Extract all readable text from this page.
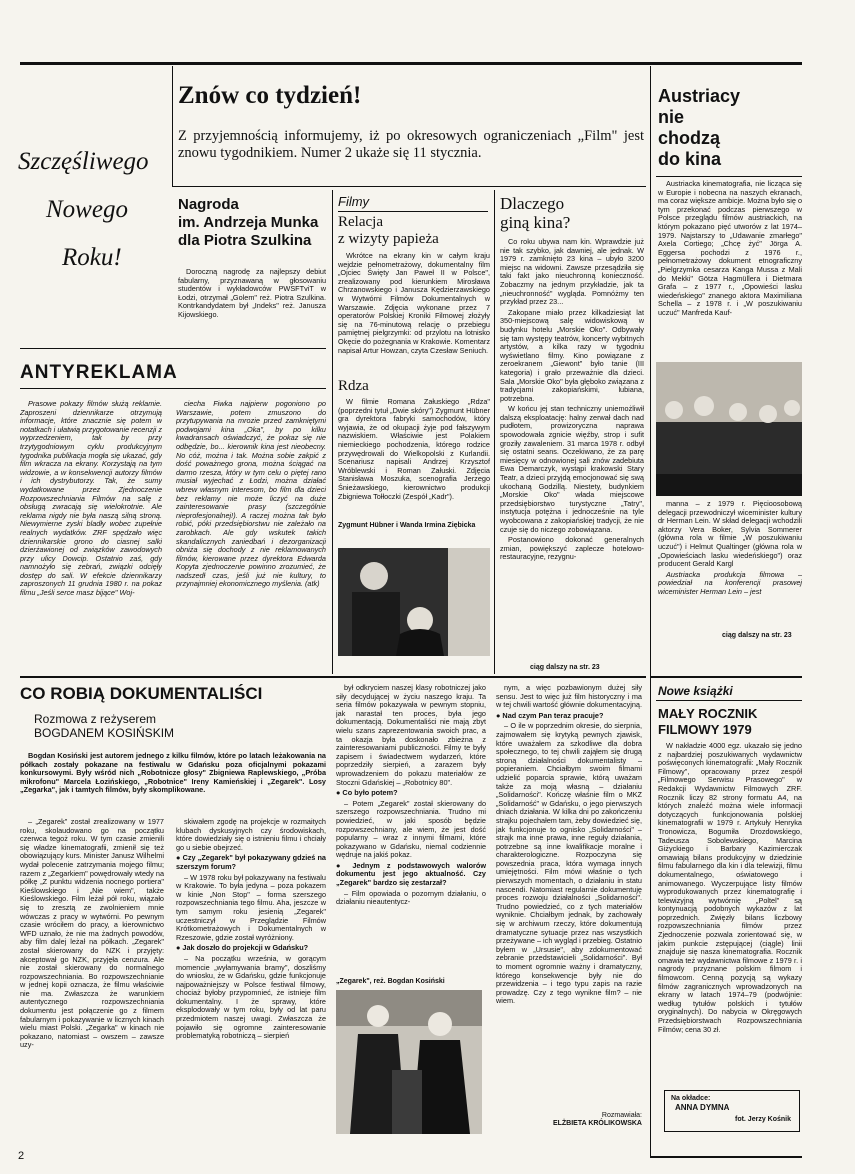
Znów co tydzień!
Z przyjemnością informujemy, iż po okresowych ograniczeniach „Film" jest znowu tygodnikiem. Numer 2 ukaże się 11 stycznia.
Szczęśliwego
Nowego
Roku!
Nagroda
im. Andrzeja Munka
dla Piotra Szulkina

Doroczną nagrodę za najlepszy debiut fabularny, przyznawaną w głosowaniu studentów i wykładowców PWSFTviT w Łodzi, otrzymał „Golem" reż. Piotra Szulkina. Kontrkandydatem był „Indeks" reż. Janusza Kijowskiego.

Filmy
Relacja
z wizyty papieża

Wkrótce na ekrany kin w całym kraju wejdzie pełnometrażowy, dokumentalny film „Ojciec Święty Jan Paweł II w Polsce", zrealizowany pod kierunkiem Mirosława Chrzanowskiego i Janusza Kędzierzawskiego w Wytwórni Filmów Dokumentalnych w Warszawie. Zdjęcia wykonane przez 7 operatorów Polskiej Kroniki Filmowej złożyły się na 76-minutową relację o przebiegu pamiętnej pielgrzymki: od przylotu na lotnisko Okęcie do pożegnania w Krakowie. Komentarz napisał Artur Howzan, czyta Czesław Seniuch.

Rdza

W filmie Romana Załuskiego „Rdza" (poprzedni tytuł „Dwie skóry") Zygmunt Hübner gra dyrektora fabryki samochodów, który wyjawia, że od okupacji żyje pod fałszywym nazwiskiem. Właściwie jest Polakiem niemieckiego pochodzenia, którego rodzice przywędrowali do Wielkopolski z Kurlandii. Scenariusz napisali Andrzej Krzysztof Wróblewski i Roman Załuski. Zdjęcia Stanisława Moszuka, scenografia Jerzego Śnieżawskiego, kierownictwo produkcji Zbigniewa Tołłoczki (Zespół „Kadr").

Zygmunt Hübner i Wanda Irmina Ziębicka
Dlaczego
giną kina?

Co roku ubywa nam kin. Wprawdzie już nie tak szybko, jak dawniej, ale jednak. W 1979 r. zamknięto 23 kina – ubyło 3200 miejsc na widowni. Zawsze przesądziła się taki fakt jako nieuchronną konieczność. Zobaczmy na jednym przykładzie, jak ta „nieuchronność" wygląda. Pomnóżmy ten przykład przez 23...

Zakopane miało przez kilkadziesiąt lat 350-miejscową salę widowiskową w budynku hotelu „Morskie Oko". Odbywały się tam występy teatrów, koncerty wybitnych artystów, a kilka razy w tygodniu wyświetlano filmy. Kino powiązane z zeroekranem „Giewont" było tanie (III kategoria) i grało przeważnie dla dzieci. Sala „Morskie Oko" była głęboko związana z tradycjami zakopiańskimi, lubiana, potrzebna.

W końcu jej stan techniczny uniemożliwił dalszą eksploatację: halny zerwał dach nad pudłotem, prowizoryczna naprawa spowodowała zgnicie więźby, strop i sufit groziły zawaleniem. 31 marca 1978 r. odbył się ostatni seans. Oczekiwano, że za parę miesięcy w odnowionej sali znów zadebiuta Ewa Demarczyk, wystąpi krakowski Stary Teatr, a dzieci przyjdą emocjonować się swą ukochaną Godzillą. Niestety, budynkiem „Morskie Oko" włada miejscowe przedsiębiorstwo turystyczne „Tatry", instytucja potężna i jednocześnie na tyle wyobcowana z zakopiańskiej tradycji, że nie czuje się do niczego zobowiązana.

Postanowiono dokonać generalnych zmian, powiększyć zaplecze hotelowo-restauracyjne, rezygnu-

ciąg dalszy na str. 23
Austriacy
nie
chodzą
do kina

Austriacka kinematografia, nie licząca się w Europie i nobecna na naszych ekranach, ma coraz większe ambicje. Można było się o tym przekonać podczas pierwszego w Polsce przeglądu filmów austriackich, na którym pokazano pięć utworów z lat 1974–1979. Najstarszy to „Udawanie zmarłego" Axela Cortiego; „Chcę żyć" Jörga A. Eggersa pochodzi z 1976 r., pełnometrażowy dokument etnograficzny „Pielgrzymka cesarza Kanga Mussa z Mali do Mekki" Götza Hagmüllera i Dietmara Grafa – z 1977 r., „Opowieści lasku wiedeńskiego" znanego aktora Maximiliana Schella – z 1978 r. i „W poszukiwaniu uczuć" Manfreda Kauf-

manna – z 1979 r. Pięcioosobową delegacji przewodniczył wiceminister kultury dr Herman Lein. W skład delegacji wchodzili aktorzy Vera Boker, Sylvia Sommerer (główna rola w filmie „W poszukiwaniu uczuć") i Helmut Qualtinger (główna rola w „Opowieściach lasku wiedeńskiego") oraz producent Gerald Kargl

Austriacka produkcja filmowa – powiedział na konferencji prasowej wiceminister Herman Lein – jest

ciąg dalszy na str. 23
ANTYREKLAMA

Prasowe pokazy filmów służą reklamie. Zaproszeni dziennikarze otrzymują informacje, które znacznie się potem w notatkach i ułatwią przygotowanie recenzji z wyprzedzeniem, tak by przy trzytygodniowym cyklu produkcyjnym tygodnika publikacja mogła się ukazać, gdy film wkracza na ekrany. Korzystają na tym widzowie, a w konsekwencji autorzy filmów i ich dystrybutorzy. Tak, że sumy wydatkowane przez Zjednoczenie Rozpowszechniania Filmów na salę z obsługą zwracają się wielokrotnie. Ale reklama nigdy nie była naszą silną stroną. Niewymierne zyski bladły wobec zupełnie realnych wydatków. ZRF spędzało więc dziennikarskie grono do ciasnej salki dzierżawionej od związków zawodowych przy ulicy Dowcip. Ostatnio zaś, gdy namnożyło się zebrań, związki odcięły dostęp do sali. W efekcie dziennikarzy zaproszonych 11 grudnia 1980 r. na pokaz filmu „Jeśli serce masz bijące" Woj-

ciecha Fiwka najpierw pogoniono po Warszawie, potem zmuszono do przytupywania na mrozie przed zamkniętymi podwojami kina „Oka", by po kilku kwadransach oświadczyć, że pokaz się nie odbędzie, bo... kierownik kina jest nieobecny. No cóż, można i tak. Można sobie zakpić z dość poważnego grona, można ściągać na darmo rzesza, który w tym celu o piętej rano musiał wyjechać z Łodzi, można działać wbrew własnym interesom, bo film dla dzieci bez reklamy nie może liczyć na duże zainteresowanie prasy (szczególnie nieprofesjonalnej!). A raczej można tak było robić, póki przedsiębiorstwu nie zależało na zarobkach. Ale gdy wskutek takich skandalicznych zaniedbań i dezorganizacji obniża się dochody z nie reklamowanych filmów, kierowane przez dyrektora Edwarda Kopyta zjednoczenie powinno zrozumieć, że nadszedł czas, jeśli już nie kultury, to przynajmniej ekonomicznego myślenia. (atk)

CO ROBIĄ DOKUMENTALIŚCI
Rozmowa z reżyserem
BOGDANEM KOSIŃSKIM

Bogdan Kosiński jest autorem jednego z kilku filmów, które po latach leżakowania na półkach zostały pokazane na festiwalu w Gdańsku poza oficjalnymi pokazami konkursowymi. Były wśród nich „Robotnicze głosy" Zbigniewa Raplewskiego, „Próba mikrofonu" Marcela Łozińskiego, „Robotnice" Ireny Kamieńskiej i „Zegarek". Losy „Zegarka", jak i tamtych filmów, były skomplikowane.

– „Zegarek" został zrealizowany w 1977 roku, skolaudowano go na początku czerwca tegoż roku. W tym czasie zmienili się władze kinematografii, zmienił się też obowiązujący kurs. Minister Janusz Wilhelmi wydał polecenie zatrzymania mojego filmu; razem z „Zegarkiem" powędrowały wtedy na półkę „Z punktu widzenia nocnego portiera" Kieślowskiego i „Nie wiem", także Kieślowskiego. Film leżał pół roku, wiązało się to zresztą ze zwolnieniem mnie wówczas z pracy w wytwórni. Po pewnym czasie wróciłem do pracy, a kierownictwo WFD uznało, że nie ma żadnych powodów, aby film dalej leżał na półkach. „Zegarek" został skierowany do NZK i przyjęty: akceptował go NZK, przyjęła cenzura. Ale nie został skierowany do normalnego rozpowszechniania. Bo rozpowszechnianie w jednej kopii oznacza, że filmu właściwie nie ma. Zwłaszcza że warunkiem autentycznego rozpowszechniania dokumentu jest połączenie go z filmem fabularnym i pokazywanie w licznych kinach wielu miast Polski. „Zegarka" w kinach nie pokazano, natomiast – owszem – zawsze uzy-

skiwałem zgodę na projekcje w rozmaitych klubach dyskusyjnych czy środowiskach, które dowiedziały się o istnieniu filmu i chciały go u siebie obejrzeć.

● Czy „Zegarek" był pokazywany gdzieś na szerszym forum?

– W 1978 roku był pokazywany na festiwalu w Krakowie. To była jedyna – poza pokazem w kinie „Non Stop" – forma szerszego rozpowszechniania tego filmu. Aha, jeszcze w tym samym roku jesienią „Zegarek" uczestniczył w Przeglądzie Filmów Krótkometrażowych i Dokumentalnych w Rzeszowie, gdzie został wyróżniony.

● Jak doszło do projekcji w Gdańsku?

– Na początku września, w gorącym momencie „wyłamywania bramy", doszliśmy do wniosku, że w Gdańsku, gdzie funkcjonuje najpoważniejszy w Polsce festiwal filmowy, chociaż byłoby przypomnieć, że istnieje film dokumentalny. I że sprawy, które eksplodowały w tym roku, były od lat paru przedmiotem naszej uwagi. Zwłaszcza że pojawiło się ogromne zainteresowanie problematyką robotniczą – sierpień

był odkryciem naszej klasy robotniczej jako siły decydującej w życiu naszego kraju. Ta seria filmów pokazywała w pewnym stopniu, jak narastał ten proces, była jego dokumentacją. Dokumentaliści nie mają zbyt wielu szans zaprezentowania swoich prac, a ta okazja była doskonało zbieżna z zainteresowaniami publiczności. Filmy te były zapisem i świadectwem wydarzeń, które poprzedziły sierpień, a zarazem były wprowadzeniem do pokazu materiałów ze Stoczni Gdańskiej – „Robotnicy 80".

● Co było potem?

– Potem „Zegarek" został skierowany do szerszego rozpowszechniania. Trudno mi powiedzieć, w jaki sposób będzie rozpowszechniany, ale wiem, że jest dość popularny – wraz z innymi filmami, które pokazywano w Gdańsku, niemal codziennie wędruje na jakiś pokaz.

● Jednym z podstawowych walorów dokumentu jest jego aktualność. Czy „Zegarek" bardzo się zestarzał?

– Film opowiada o pozornym działaniu, o działaniu nieautentycz-

„Zegarek", reż. Bogdan Kosiński

nym, a więc pozbawionym dużej siły sensu. Jest to więc już film historyczny i ma w tej chwili wartość głównie dokumentacyjną.

● Nad czym Pan teraz pracuje?

– O ile w poprzednim okresie, do sierpnia, zajmowałem się krytyką pewnych zjawisk, które uważałem za szkodliwe dla dobra społecznego, to tej chwili zająłem się drugą stroną działalności dokumentalisty – popieraniem. Chciałbym swoim filmami udzielić poparcia sprawie, którą uważam także za moją własną – działaniu „Solidarności". Kończę właśnie film o MKZ „Solidarność" w Gdańsku, o jego pierwszych dniach działania. W kilka dni po zakończeniu strajku pojechałem tam, żeby dowiedzieć się, jak funkcjonuje to ognisko „Solidarności" – strajk ma inne prawa, inne reguły działania, potrzebne są inne kwalifikacje moralne i charakterologiczne. Rozpoczyna się powszednia praca, która wymaga innych umiejętności. Film mówi właśnie o tych pierwszych momentach, o działaniu in statu nascendi. Natomiast regularnie dokumentuję proces rozwoju działalności „Solidarności". Trudno powiedzieć, co z tych materiałów wyniknie. Chciałbym jednak, by zachowały się w archiwum rzeczy, które dokumentują dramatyczne sytuacje przez nas wszystkich przeżywane – ich wygląd i przebieg. Ostatnio byłem w „Ursusie", aby zdokumentować zebranie przedstawicieli „Solidarności". Był to moment ogromnie ważny i dramatyczny, którego konsekwencje były nie do przewidzenia – i tego typu zapis na razie prowadzę. Czy z tego wynikne film? – nie wiem.

Rozmawiała:
ELŻBIETA KRÓLIKOWSKA
Nowe książki
MAŁY ROCZNIK
FILMOWY 1979

W nakładzie 4000 egz. ukazało się jedno z najbardziej poszukiwanych wydawnictw poświęconych kinematografii: „Mały Rocznik Filmowy", opracowany przez zespół „Filmowego Serwisu Prasowego" w Redakcji Wydawnictw Filmowych ZRF. Rocznik liczy 82 strony formatu A4, na których znaleźć można wiele informacji dotyczących funkcjonowania polskiej kinematografii w 1979 r. Artykuły Henryka Tronowicza, Bogumiła Drozdowskiego, Tadeusza Sobolewskiego, Marcina Giżyckiego i Barbary Kazimierczak omawiają bilans produkcyjny w dziedzinie filmu fabularnego dla kin i dla telewizji, filmu dokumentalnego, oświatowego i animowanego. Wyczerpujące listy filmów wyprodukowanych przez kinematografię i telewizyjną wytwórnię „Poltel" są kontynuacją podobnych wykazów z lat poprzednich. Zwięzły bilans liczbowy rozpowszechniania filmów przez Zjednoczenie pozwala zorientować się, w jakim punkcie zstępującej (ciągle) linii znajduje się nasza kinematografia. Rocznik omawia też wydawnictwa filmowe z 1979 r. i nagrody przyznane polskim filmom i filmowcom. Cenną pozycją są wykazy filmów zagranicznych wprowadzonych na ekrany w latach 1974–79 (podwójnie: według tytułów polskich i tytułów oryginalnych). Do nabycia w Okręgowych Przedsiębiorstwach Rozpowszechniania Filmów; cena 30 zł.

Na okładce:
ANNA DYMNA
fot. Jerzy Kośnik
2
